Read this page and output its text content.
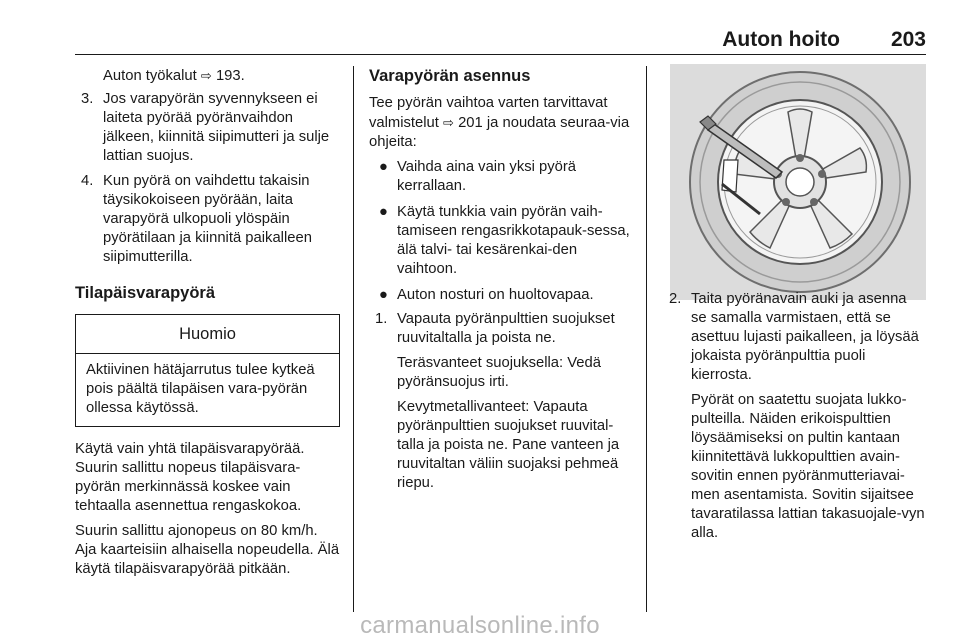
Auton hoito	203

Auton työkalut ⇨ 193.

3. Jos varapyörän syvennykseen ei laiteta pyörää pyöränvaihdon jälkeen, kiinnitä siipimutteri ja sulje lattian suojus.

4. Kun pyörä on vaihdettu takaisin täysikokoiseen pyörään, laita varapyörä ulkopuoli ylöspäin pyörätilaan ja kiinnitä paikalleen siipimutterilla.

Tilapäisvarapyörä

Huomio
Aktiivinen hätäjarrutus tulee kytkeä pois päältä tilapäisen vara-pyörän ollessa käytössä.

Käytä vain yhtä tilapäisvarapyörää. Suurin sallittu nopeus tilapäisvara-pyörän merkinnässä koskee vain tehtaalla asennettua rengaskokoa.

Suurin sallittu ajonopeus on 80 km/h. Aja kaarteisiin alhaisella nopeudella. Älä käytä tilapäisvarapyörää pitkään.

Varapyörän asennus

Tee pyörän vaihtoa varten tarvittavat valmistelut ⇨ 201 ja noudata seuraa-via ohjeita:

● Vaihda aina vain yksi pyörä kerrallaan.

● Käytä tunkkia vain pyörän vaih-tamiseen rengasrikkotapauk-sessa, älä talvi- tai kesärenkai-den vaihtoon.

● Auton nosturi on huoltovapaa.

1. Vapauta pyöränpulttien suojukset ruuvitaltalla ja poista ne.

Teräsvanteet suojuksella: Vedä pyöränsuojus irti.

Kevytmetallivanteet: Vapauta pyöränpulttien suojukset ruuvital-talla ja poista ne. Pane vanteen ja ruuvitaltan väliin suojaksi pehmeä riepu.

2. Taita pyöränavain auki ja asenna se samalla varmistaen, että se asettuu lujasti paikalleen, ja löysää jokaista pyöränpulttia puoli kierrosta.

Pyörät on saatettu suojata lukko-pulteilla. Näiden erikoispulttien löysäämiseksi on pultin kantaan kiinnitettävä lukkopulttien avain-sovitin ennen pyöränmutteriavai-men asentamista. Sovitin sijaitsee tavaratilassa lattian takasuojale-vyn alla.

carmanualsonline.info
